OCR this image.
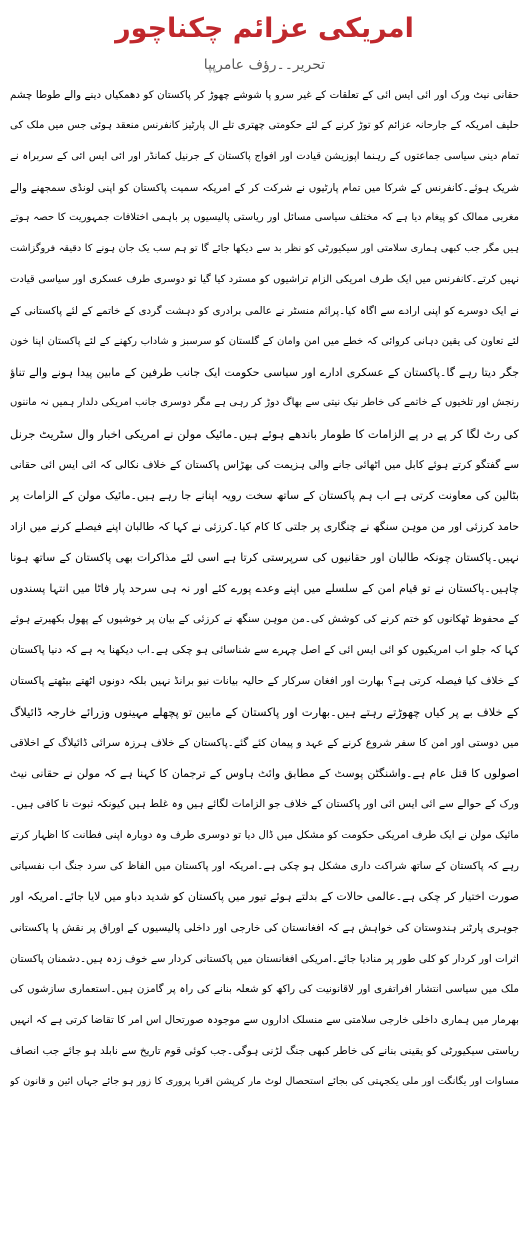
امریکی عزائم چکناچور
تحریر۔۔رؤف عامرپپا
حقانی نیٹ ورک اور ائی ایس ائی کے تعلقات کے غیر سرو پا شوشے چھوڑ کر پاکستان کو دھمکیاں دینے والے طوطا چشم
حلیف امریکہ کے جارحانہ عزائم کو توڑ کرنے کے لئے حکومتی چھتری تلے ال پارٹیز کانفرنس منعقد ہوئی جس میں ملک کی
تمام دینی سیاسی جماعتوں کے رہنما اپوزیشن قیادت اور افواج پاکستان کے جرنیل کمانڈر اور ائی ایس ائی کے سربراہ نے
شریک ہوئے۔کانفرنس کے شرکا میں تمام پارٹیوں نے شرکت کر کے امریکہ سمیت پاکستان کو اپنی لونڈی سمجھنے والے
مغربی ممالک کو پیغام دیا ہے کہ مختلف سیاسی مسائل اور ریاستی پالیسیوں پر باہمی اختلافات جمہوریت کا حصہ ہوتے
ہیں مگر جب کبھی ہماری سلامتی اور سیکیورٹی کو نظر بد سے دیکھا جائے گا تو ہم سب یک جان ہونے کا دقیقہ فروگزاشت
نہیں کرتے۔کانفرنس میں ایک طرف امریکی الزام تراشیوں کو مسترد کیا گیا تو دوسری طرف عسکری اور سیاسی قیادت
نے ایک دوسرے کو اپنی ارادے سے اگاہ کیا۔پرائم منسٹر نے عالمی برادری کو دہشت گردی کے خاتمے کے لئے پاکستانی کے
لئے تعاون کی یقین دہانی کروائی کہ خطے میں امن وامان کے گلستان کو سرسبز و شاداب رکھنے کے لئے پاکستان اپنا خون
جگر دیتا رہے گا۔پاکستان کے عسکری ادارے اور سیاسی حکومت ایک جانب طرفین کے مابین پیدا ہونے والے تناؤ
رنجش اور تلخیوں کے خاتمے کی خاطر نیک نیتی سے بھاگ دوڑ کر رہی ہے مگر دوسری جانب امریکی دلدار ہمیں نہ ماننوں
کی رٹ لگا کر پے در پے الزامات کا طومار باندھے ہوئے ہیں۔مائیک مولن نے امریکی اخبار وال سٹریٹ جرنل
سے گفتگو کرتے ہوئے کابل میں اٹھائی جانے والی ہزیمت کی بھڑاس پاکستان کے خلاف نکالی کہ ائی ایس ائی حقانی
بٹالین کی معاونت کرتی ہے اب ہم پاکستان کے ساتھ سخت رویہ اپنانے جا رہے ہیں۔مائیک مولن کے الزامات پر
حامد کرزئی اور من موہن سنگھ نے چنگاری پر جلتی کا کام کیا۔کرزئی نے کہا کہ طالبان اپنے فیصلے کرنے میں ازاد
نہیں۔پاکستان چونکہ طالبان اور حقانیوں کی سرپرستی کرتا ہے اسی لئے مذاکرات بھی پاکستان کے ساتھ ہونا
چاہیں۔پاکستان نے تو قیام امن کے سلسلے میں اپنے وعدے پورے کئے اور نہ ہی سرحد پار فاٹا میں انتہا پسندوں
کے محفوظ ٹھکانوں کو ختم کرنے کی کوشش کی۔من موہن سنگھ نے کرزئی کے بیان پر خوشیوں کے پھول بکھیرتے ہوئے
کہا کہ جلو اب امریکیوں کو ائی ایس ائی کے اصل چہرے سے شناسائی ہو چکی ہے۔اب دیکھنا یہ ہے کہ دنیا پاکستان
کے خلاف کیا فیصلہ کرتی ہے؟ بھارت اور افغان سرکار کے حالیہ بیانات نیو برانڈ نہیں بلکہ دونوں اٹھتے بیٹھتے پاکستان
کے خلاف بے پر کیاں چھوڑتے رہتے ہیں۔بھارت اور پاکستان کے مابین تو پچھلے مہینوں وزرائے خارجہ ڈائیلاگ
میں دوستی اور امن کا سفر شروع کرنے کے عہد و پیمان کئے گئے۔پاکستان کے خلاف ہرزہ سرائی ڈائیلاگ کے اخلاقی
اصولوں کا قتل عام ہے۔واشنگٹن پوسٹ کے مطابق وائٹ ہاوس کے ترجمان کا کہنا ہے کہ مولن نے حقانی نیٹ
ورک کے حوالے سے ائی ایس ائی اور پاکستان کے خلاف جو الزامات لگائے ہیں وہ غلط ہیں کیونکہ ثبوت نا کافی ہیں۔
مائیک مولن نے ایک طرف امریکی حکومت کو مشکل میں ڈال دیا تو دوسری طرف وہ دوبارہ اپنی فطانت کا اظہار کرتے
رہے کہ پاکستان کے ساتھ شراکت داری مشکل ہو چکی ہے۔امریکہ اور پاکستان میں الفاظ کی سرد جنگ اب نفسیاتی
صورت اختیار کر چکی ہے۔عالمی حالات کے بدلتے ہوئے تیور میں پاکستان کو شدید دباو میں لایا جائے۔امریکہ اور
جوہری پارٹنر ہندوستان کی خواہش ہے کہ افغانستان کی خارجی اور داخلی پالیسیوں کے اوراق پر نقش پا پاکستانی
اثرات اور کردار کو کلی طور پر منادیا جائے۔امریکی افغانستان میں پاکستانی کردار سے خوف زدہ ہیں۔دشمنان پاکستان
ملک میں سیاسی انتشار افراتفری اور لاقانونیت کی راکھ کو شعلہ بنانے کی راہ پر گامزن ہیں۔استعماری سازشوں کی
بھرمار میں ہماری داخلی خارجی سلامتی سے منسلک اداروں سے موجودہ صورتحال اس امر کا تقاضا کرتی ہے کہ انہیں
ریاستی سیکیورٹی کو یقینی بنانے کی خاطر کبھی جنگ لڑنی ہوگی۔جب کوئی قوم تاریخ سے نابلد ہو جائے جب انصاف
مساوات اور یگانگت اور ملی یکجہتی کی بجائے استحصال لوٹ مار کرپشن اقربا پروری کا زور ہو جائے جہاں ائین و قانون کو
